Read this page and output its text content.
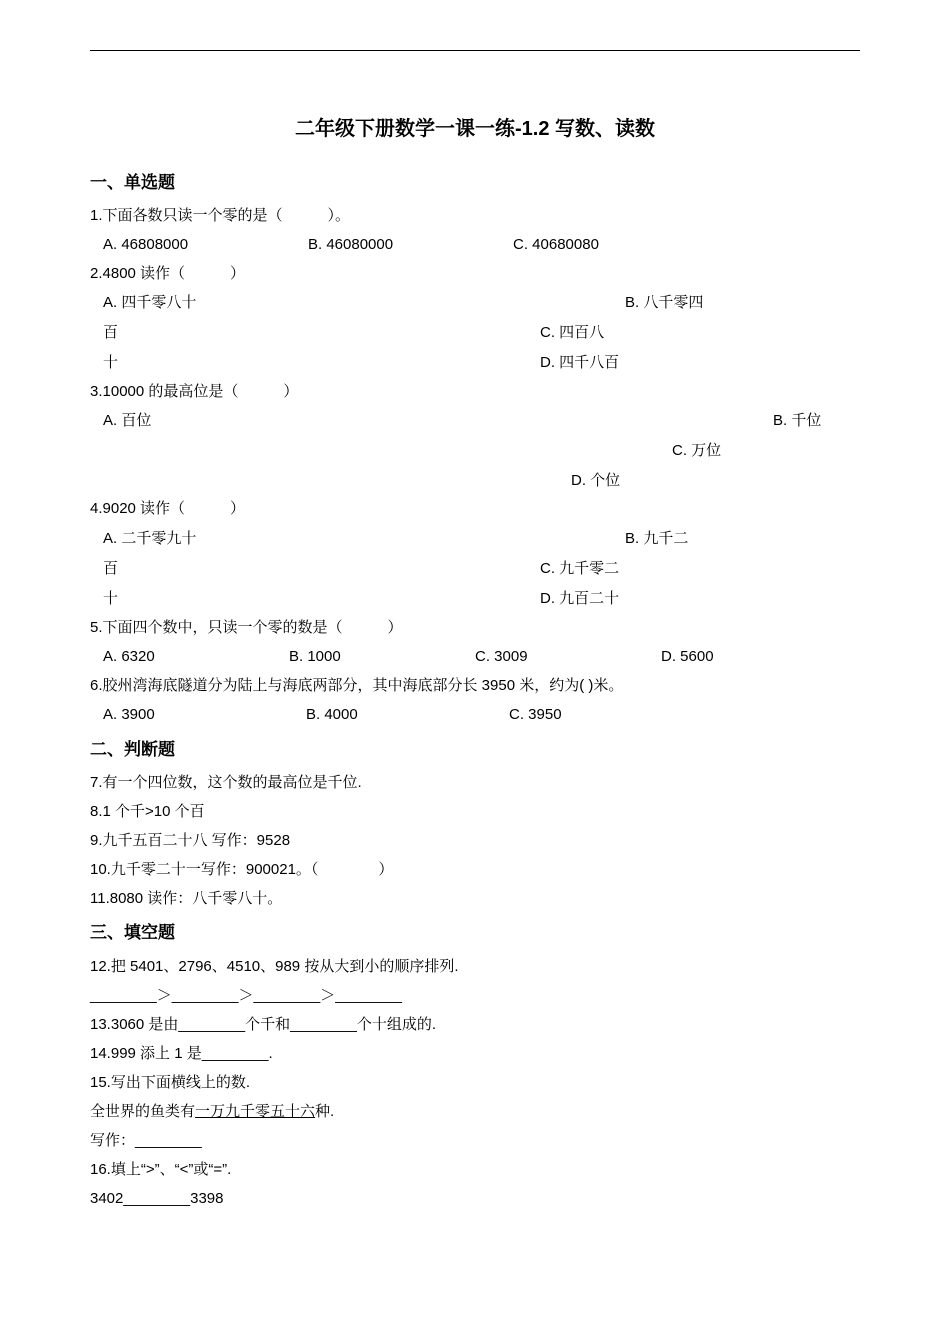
二年级下册数学一课一练-1.2 写数、读数
一、单选题
1.下面各数只读一个零的是（　　　）。
A. 46808000	B. 46080000	C. 40680080
2.4800 读作（　　　）
A. 四千零八十
百
十
B. 八千零四
C. 四百八
D. 四千八百
3.10000 的最高位是（　　　）
A. 百位	B. 千位
C. 万位
D. 个位
4.9020 读作（　　　）
A. 二千零九十
百
十
B. 九千二
C. 九千零二
D. 九百二十
5.下面四个数中，只读一个零的数是（　　　）
A. 6320	B. 1000	C. 3009	D. 5600
6.胶州湾海底隧道分为陆上与海底两部分，其中海底部分长 3950 米，约为( )米。
A. 3900	B. 4000	C. 3950
二、判断题
7.有一个四位数，这个数的最高位是千位.
8.1 个千>10 个百
9.九千五百二十八 写作：9528
10.九千零二十一写作：900021。（　　　　）
11.8080 读作：八千零八十。
三、填空题
12.把 5401、2796、4510、989 按从大到小的顺序排列.
________＞________＞________＞________
13.3060 是由________个千和________个十组成的.
14.999 添上 1 是________.
15.写出下面横线上的数.
全世界的鱼类有一万九千零五十六种.
写作：________
16.填上“>”、“<”或“=”.
3402________3398
